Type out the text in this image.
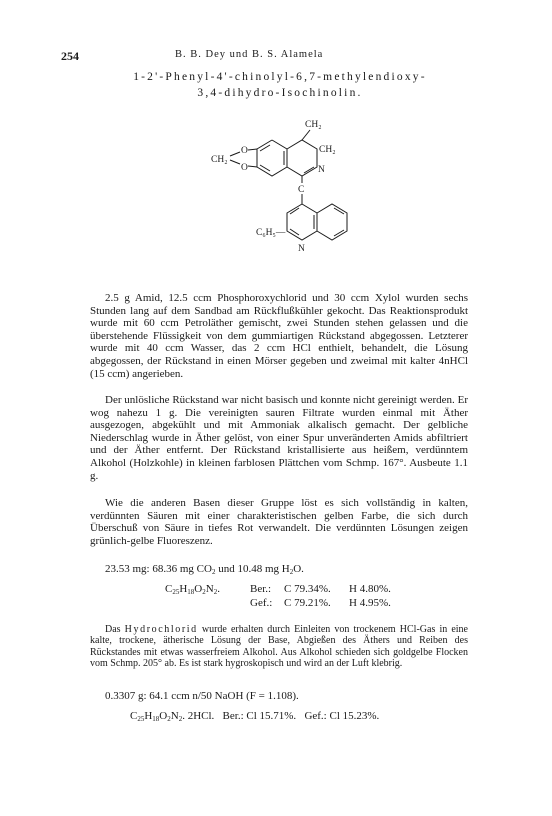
254	B. B. Dey und B. S. Alamela
1-2'-Phenyl-4'-chinolyl-6,7-methylendioxy-
3,4-dihydro-Isochinolin.
CH₂
CH₂
CH₂
O
O	N
C
C₆H₅—
N

2.5 g Amid, 12.5 ccm Phosphoroxychlorid und 30 ccm Xylol wurden sechs Stunden lang auf dem Sandbad am Rückflußkühler gekocht. Das Reaktionsprodukt wurde mit 60 ccm Petroläther gemischt, zwei Stunden stehen gelassen und die überstehende Flüssigkeit von dem gummiartigen Rückstand abgegossen. Letzterer wurde mit 40 ccm Wasser, das 2 ccm HCl enthielt, behandelt, die Lösung abgegossen, der Rückstand in einen Mörser gegeben und zweimal mit kalter 4nHCl (15 ccm) angerieben.

Der unlösliche Rückstand war nicht basisch und konnte nicht gereinigt werden. Er wog nahezu 1 g. Die vereinigten sauren Filtrate wurden einmal mit Äther ausgezogen, abgekühlt und mit Ammoniak alkalisch gemacht. Der gelbliche Niederschlag wurde in Äther gelöst, von einer Spur unveränderten Amids abfiltriert und der Äther entfernt. Der Rückstand kristallisierte aus heißem, verdünntem Alkohol (Holzkohle) in kleinen farblosen Plättchen vom Schmp. 167°. Ausbeute 1.1 g.

Wie die anderen Basen dieser Gruppe löst es sich vollständig in kalten, verdünnten Säuren mit einer charakteristischen gelben Farbe, die sich durch Überschuß von Säure in tiefes Rot verwandelt. Die verdünnten Lösungen zeigen grünlich-gelbe Fluoreszenz.

23.53 mg: 68.36 mg $CO_2$ und 10.48 mg $H_2O$.

$C_{25}H_{18}O_2N_2$.	Ber.:	C 79.34%.	H 4.80%.
Gef.:	C 79.21%.	H 4.95%.

Das Hydrochlorid wurde erhalten durch Einleiten von trockenem HCl-Gas in eine kalte, trockene, ätherische Lösung der Base, Abgießen des Äthers und Reiben des Rückstandes mit etwas wasserfreiem Alkohol. Aus Alkohol schieden sich goldgelbe Flocken vom Schmp. 205° ab. Es ist stark hygroskopisch und wird an der Luft klebrig.

0.3307 g: 64.1 ccm n/50 NaOH (F = 1.108).

$C_{25}H_{18}O_2N_2$. 2HCl. Ber.: Cl 15.71%. Gef.: Cl 15.23%.
